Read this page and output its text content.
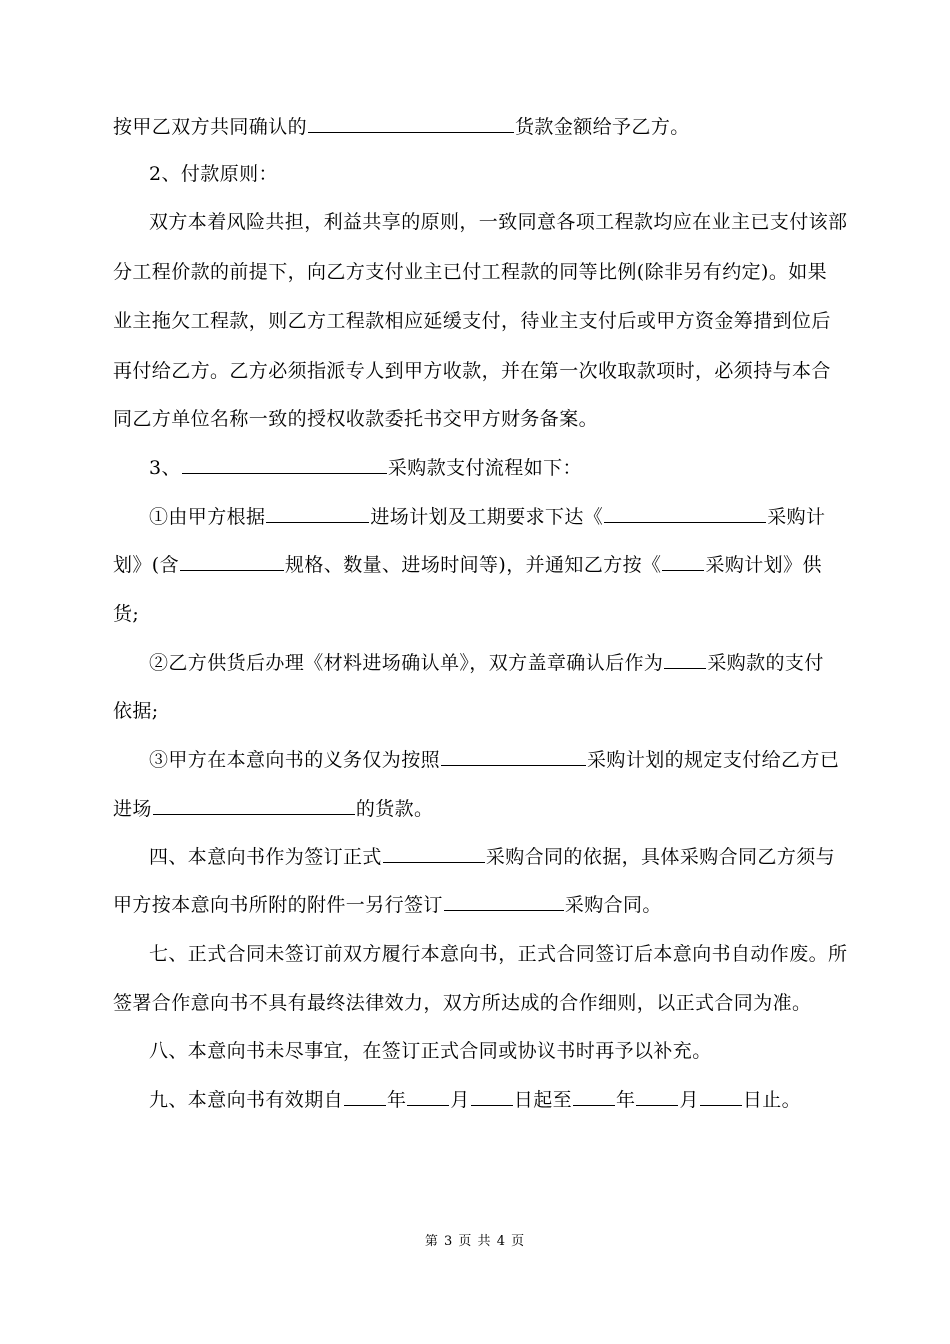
按甲乙双方共同确认的	货款金额给予乙方。
2、付款原则：
双方本着风险共担，利益共享的原则，一致同意各项工程款均应在业主已支付该部
分工程价款的前提下，向乙方支付业主已付工程款的同等比例(除非另有约定)。如果
业主拖欠工程款，则乙方工程款相应延缓支付，待业主支付后或甲方资金筹措到位后
再付给乙方。乙方必须指派专人到甲方收款，并在第一次收取款项时，必须持与本合
同乙方单位名称一致的授权收款委托书交甲方财务备案。
3、	采购款支付流程如下：
①由甲方根据	进场计划及工期要求下达《	采购计
划》(含	规格、数量、进场时间等)，并通知乙方按《 采购计划》供
货;
②乙方供货后办理《材料进场确认单》，双方盖章确认后作为 采购款的支付
依据;
③甲方在本意向书的义务仅为按照	采购计划的规定支付给乙方已
进场	的货款。
四、本意向书作为签订正式	采购合同的依据，具体采购合同乙方须与
甲方按本意向书所附的附件一另行签订	采购合同。
七、正式合同未签订前双方履行本意向书，正式合同签订后本意向书自动作废。所
签署合作意向书不具有最终法律效力，双方所达成的合作细则，以正式合同为准。
八、本意向书未尽事宜，在签订正式合同或协议书时再予以补充。
九、本意向书有效期自 年 月 日起至 年 月 日止。
第 3 页 共 4 页
